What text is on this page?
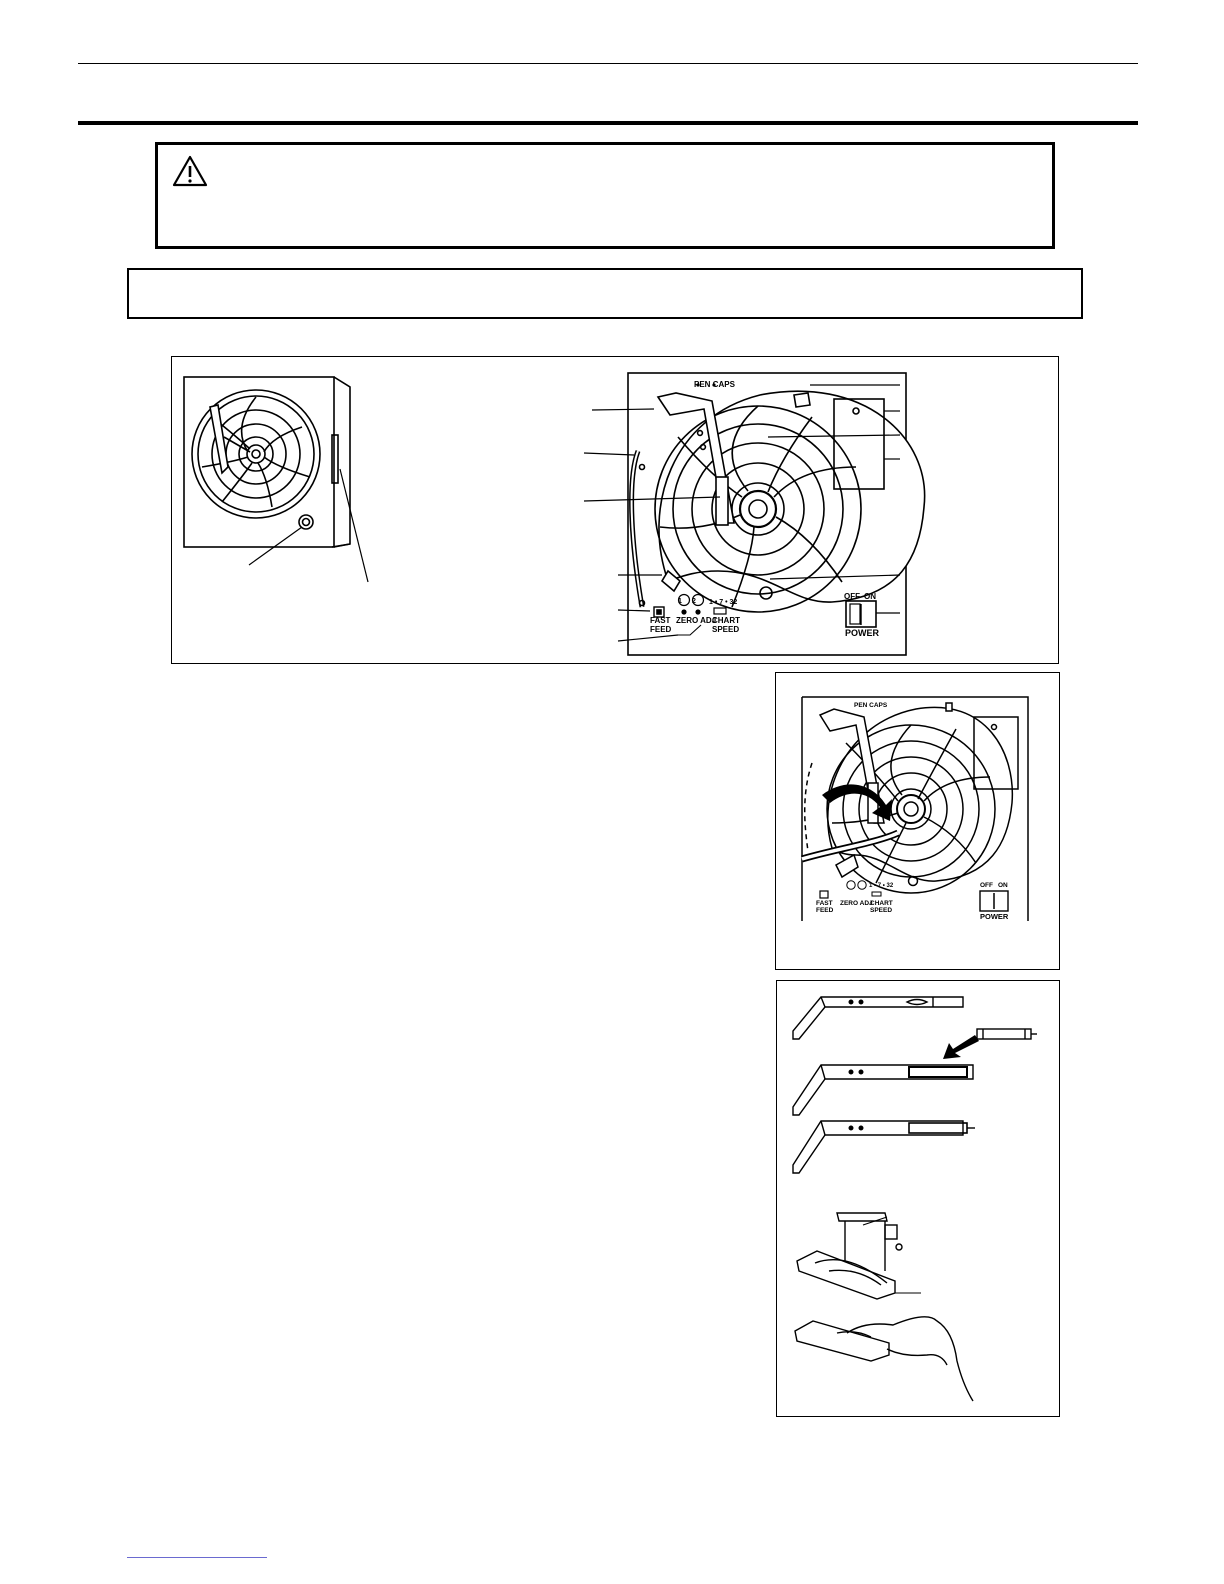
PEN CAPS
FAST
FEED
1 2
ZERO ADJ
1 • 7 • 32
CHART
SPEED
OFF ON
POWER
PEN CAPS
FAST
FEED
ZERO ADJ
1 • 7 • 32
CHART
SPEED
OFF ON
POWER
